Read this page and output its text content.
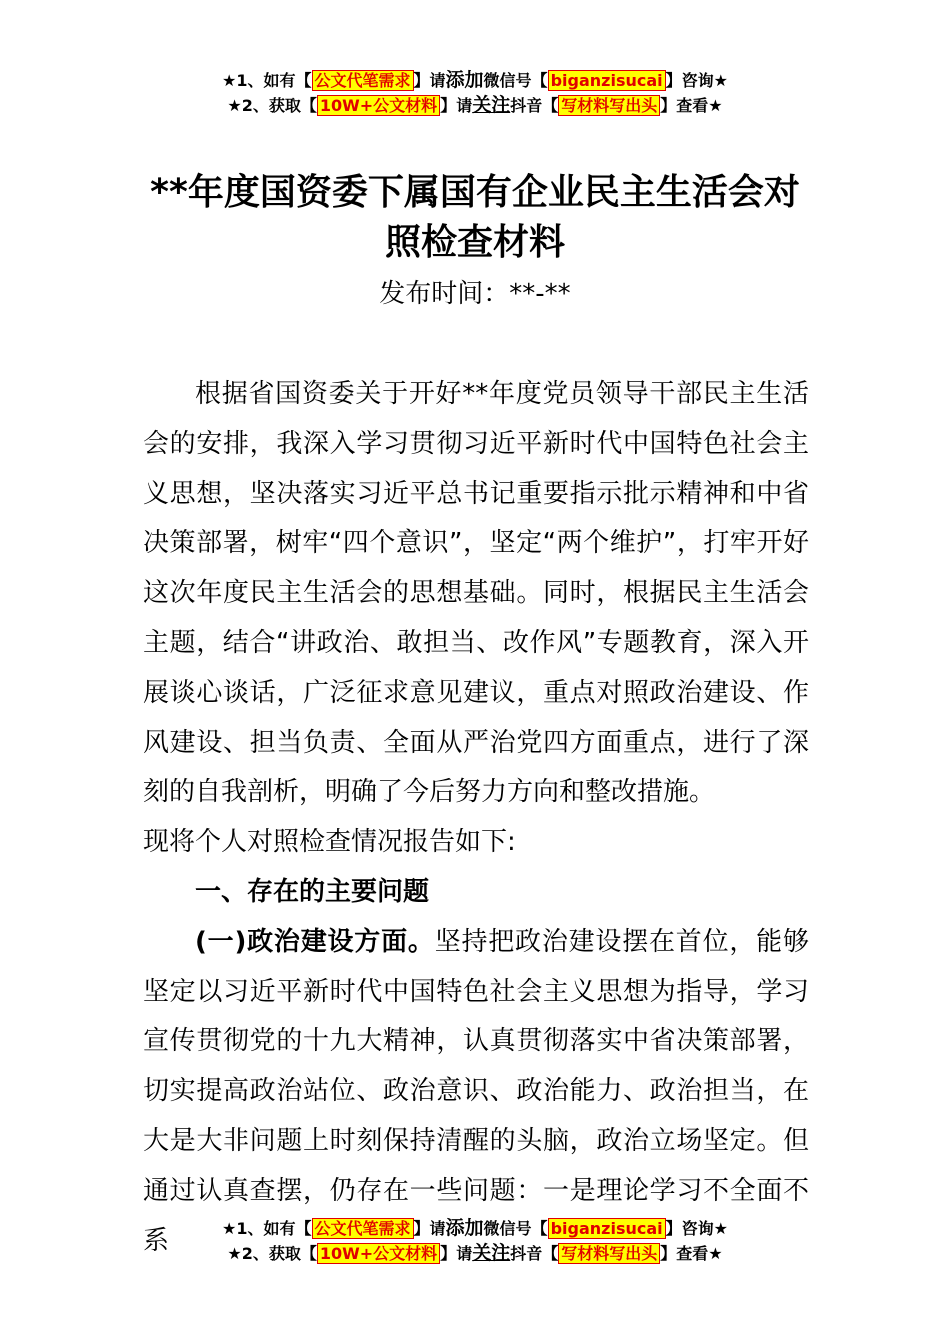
★1、如有【 公文代笔需求 】请添加微信号【 biganzisucai 】咨询★
★2、获取【 10W+公文材料 】请关注抖音【 写材料写出头 】查看★
**年度国资委下属国有企业民主生活会对照检查材料
发布时间：**-**

根据省国资委关于开好**年度党员领导干部民主生活会的安排，我深入学习贯彻习近平新时代中国特色社会主义思想，坚决落实习近平总书记重要指示批示精神和中省决策部署，树牢“四个意识”，坚定“两个维护”，打牢开好这次年度民主生活会的思想基础。同时，根据民主生活会主题，结合“讲政治、敢担当、改作风”专题教育，深入开展谈心谈话，广泛征求意见建议，重点对照政治建设、作风建设、担当负责、全面从严治党四方面重点，进行了深刻的自我剖析，明确了今后努力方向和整改措施。

现将个人对照检查情况报告如下:

一、存在的主要问题

(一)政治建设方面。坚持把政治建设摆在首位，能够坚定以习近平新时代中国特色社会主义思想为指导，学习宣传贯彻党的十九大精神，认真贯彻落实中省决策部署，切实提高政治站位、政治意识、政治能力、政治担当，在大是大非问题上时刻保持清醒的头脑，政治立场坚定。但通过认真查摆，仍存在一些问题：一是理论学习不全面不系	★1、如有【 公文代笔需求 】请添加微信号【 biganzisucai 】咨询★
★2、获取【 10W+公文材料 】请关注抖音【 写材料写出头 】查看★
